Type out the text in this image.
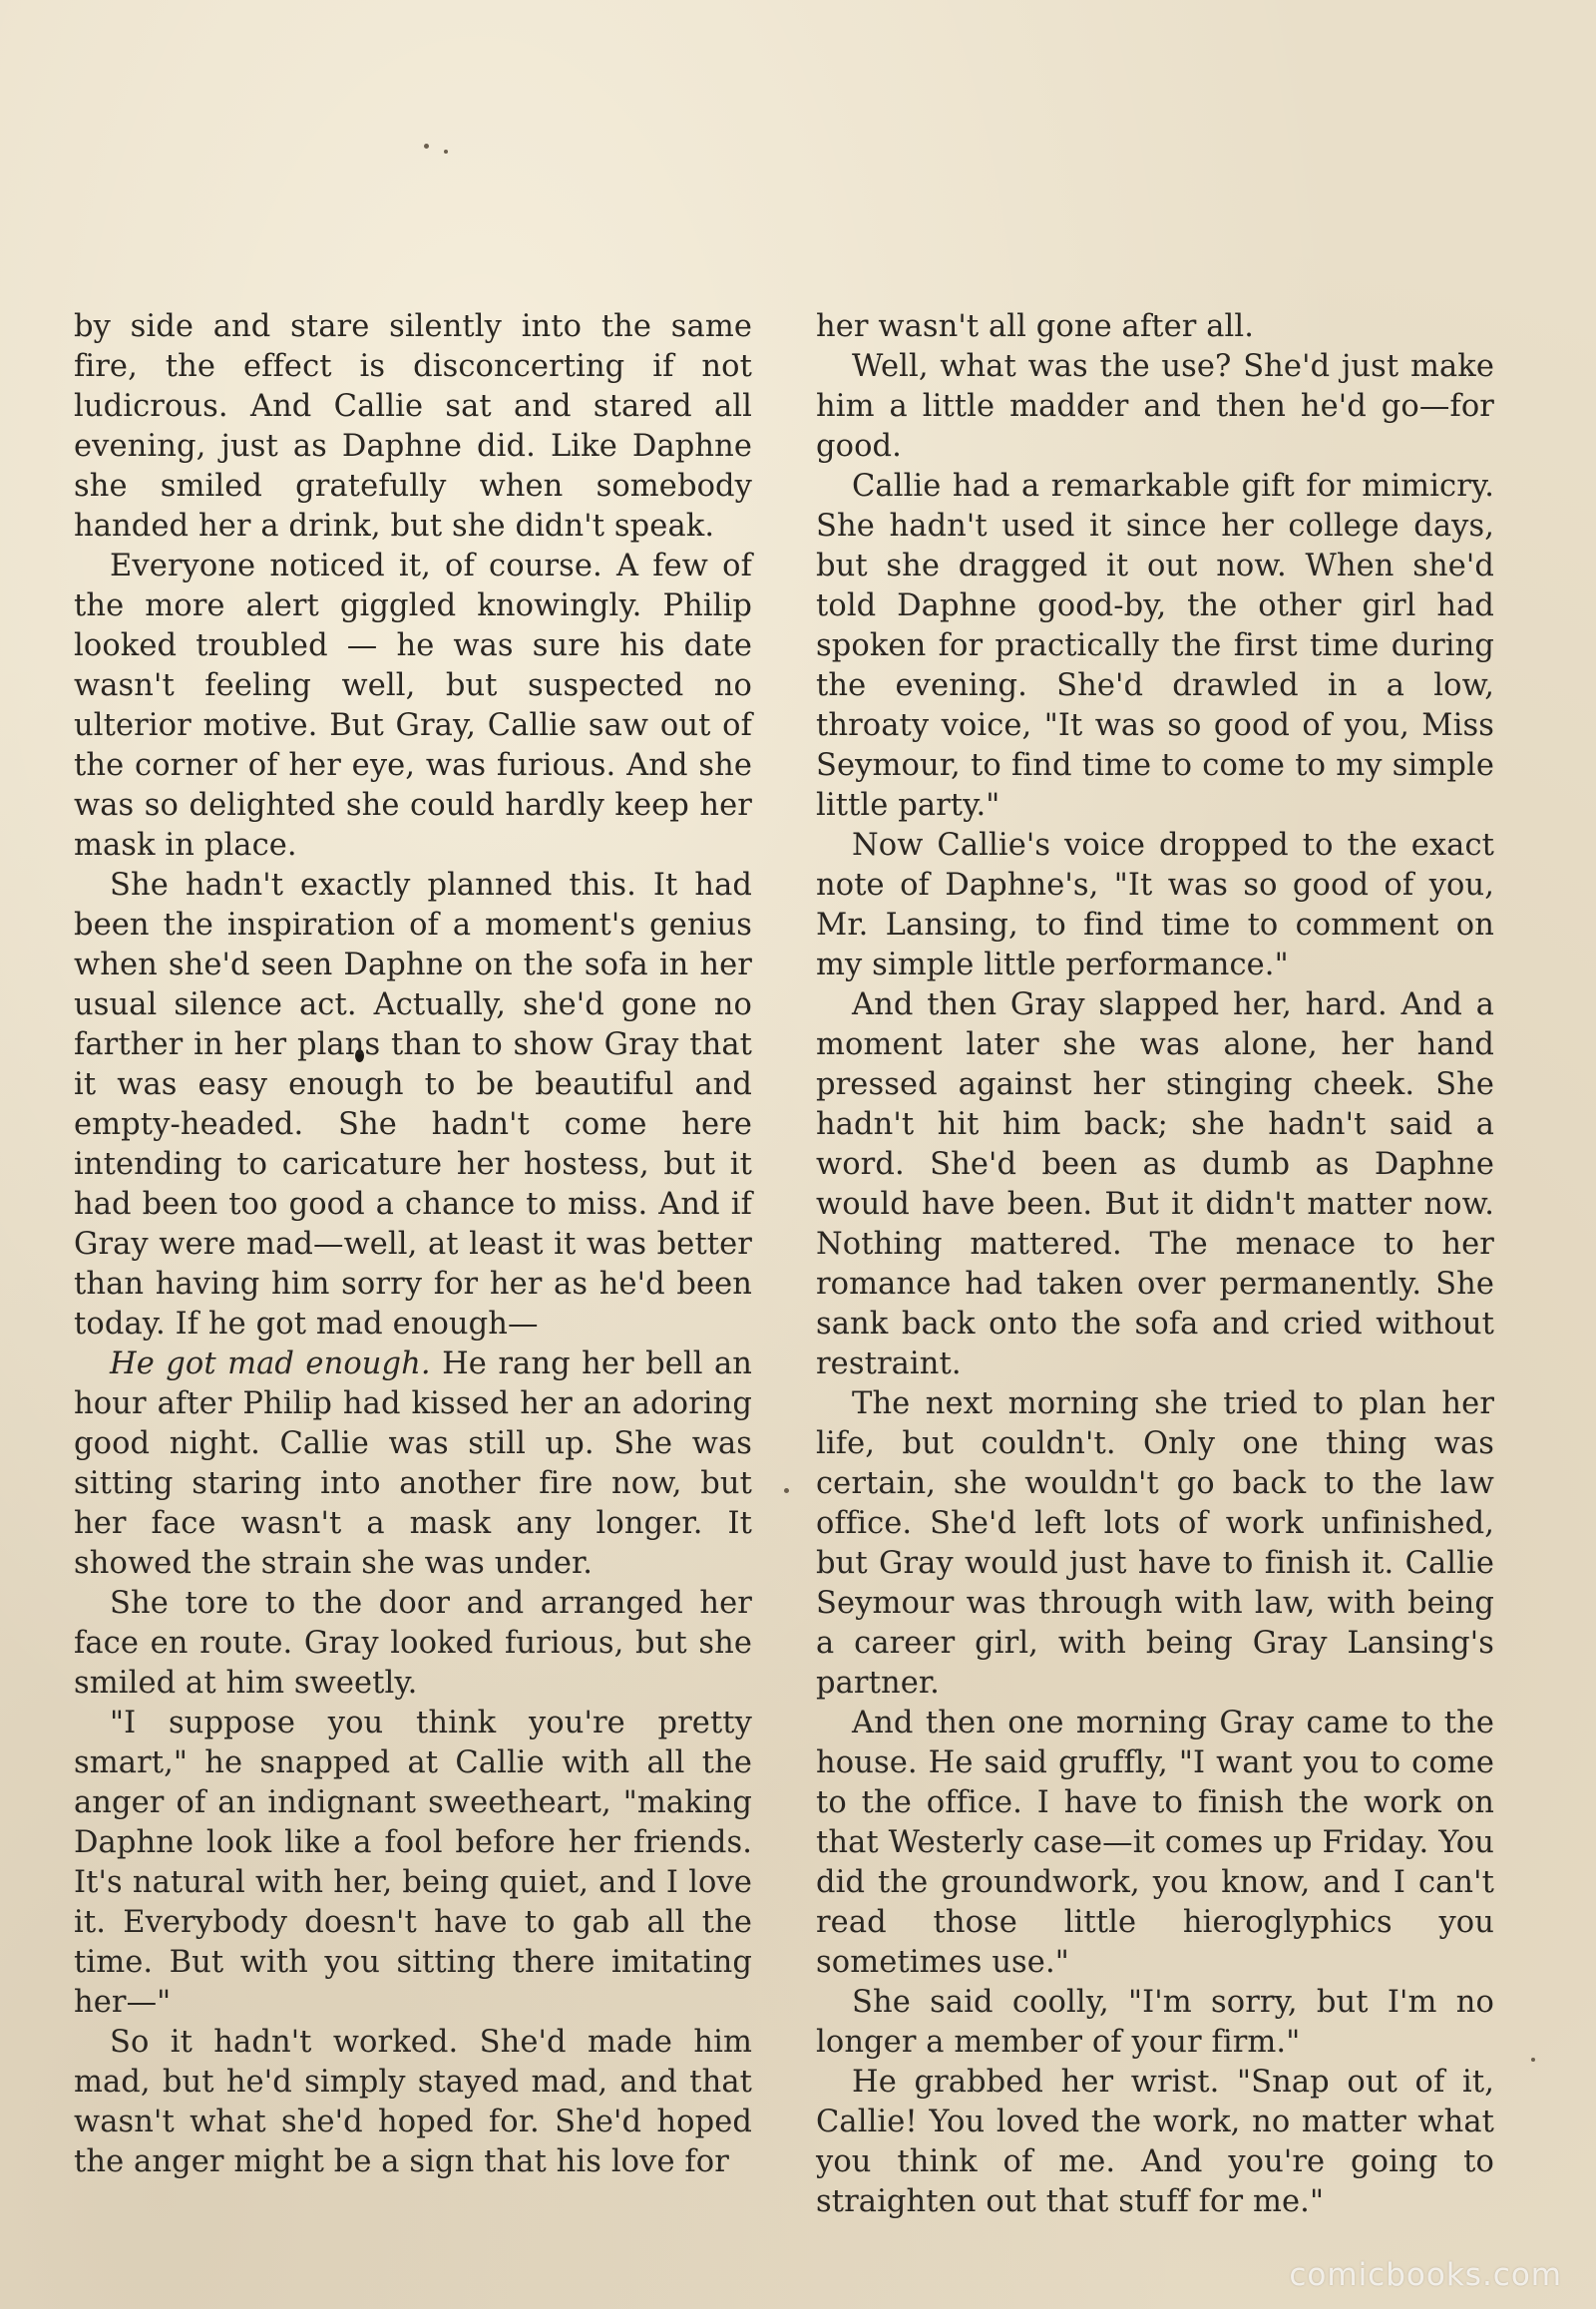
by side and stare silently into the same fire, the effect is disconcerting if not ludicrous. And Callie sat and stared all evening, just as Daphne did. Like Daphne she smiled gratefully when somebody handed her a drink, but she didn't speak.

Everyone noticed it, of course. A few of the more alert giggled knowingly. Philip looked troubled — he was sure his date wasn't feeling well, but suspected no ulterior motive. But Gray, Callie saw out of the corner of her eye, was furious. And she was so delighted she could hardly keep her mask in place.

She hadn't exactly planned this. It had been the inspiration of a moment's genius when she'd seen Daphne on the sofa in her usual silence act. Actually, she'd gone no farther in her plans than to show Gray that it was easy enough to be beautiful and empty-headed. She hadn't come here intending to caricature her hostess, but it had been too good a chance to miss. And if Gray were mad—well, at least it was better than having him sorry for her as he'd been today. If he got mad enough—

He got mad enough. He rang her bell an hour after Philip had kissed her an adoring good night. Callie was still up. She was sitting staring into another fire now, but her face wasn't a mask any longer. It showed the strain she was under.

She tore to the door and arranged her face en route. Gray looked furious, but she smiled at him sweetly.

"I suppose you think you're pretty smart," he snapped at Callie with all the anger of an indignant sweetheart, "making Daphne look like a fool before her friends. It's natural with her, being quiet, and I love it. Everybody doesn't have to gab all the time. But with you sitting there imitating her—"

So it hadn't worked. She'd made him mad, but he'd simply stayed mad, and that wasn't what she'd hoped for. She'd hoped the anger might be a sign that his love for

her wasn't all gone after all.

Well, what was the use? She'd just make him a little madder and then he'd go—for good.

Callie had a remarkable gift for mimicry. She hadn't used it since her college days, but she dragged it out now. When she'd told Daphne good-by, the other girl had spoken for practically the first time during the evening. She'd drawled in a low, throaty voice, "It was so good of you, Miss Seymour, to find time to come to my simple little party."

Now Callie's voice dropped to the exact note of Daphne's, "It was so good of you, Mr. Lansing, to find time to comment on my simple little performance."

And then Gray slapped her, hard. And a moment later she was alone, her hand pressed against her stinging cheek. She hadn't hit him back; she hadn't said a word. She'd been as dumb as Daphne would have been. But it didn't matter now. Nothing mattered. The menace to her romance had taken over permanently. She sank back onto the sofa and cried without restraint.

The next morning she tried to plan her life, but couldn't. Only one thing was certain, she wouldn't go back to the law office. She'd left lots of work unfinished, but Gray would just have to finish it. Callie Seymour was through with law, with being a career girl, with being Gray Lansing's partner.

And then one morning Gray came to the house. He said gruffly, "I want you to come to the office. I have to finish the work on that Westerly case—it comes up Friday. You did the groundwork, you know, and I can't read those little hieroglyphics you sometimes use."

She said coolly, "I'm sorry, but I'm no longer a member of your firm."

He grabbed her wrist. "Snap out of it, Callie! You loved the work, no matter what you think of me. And you're going to straighten out that stuff for me."

comicbooks.com
